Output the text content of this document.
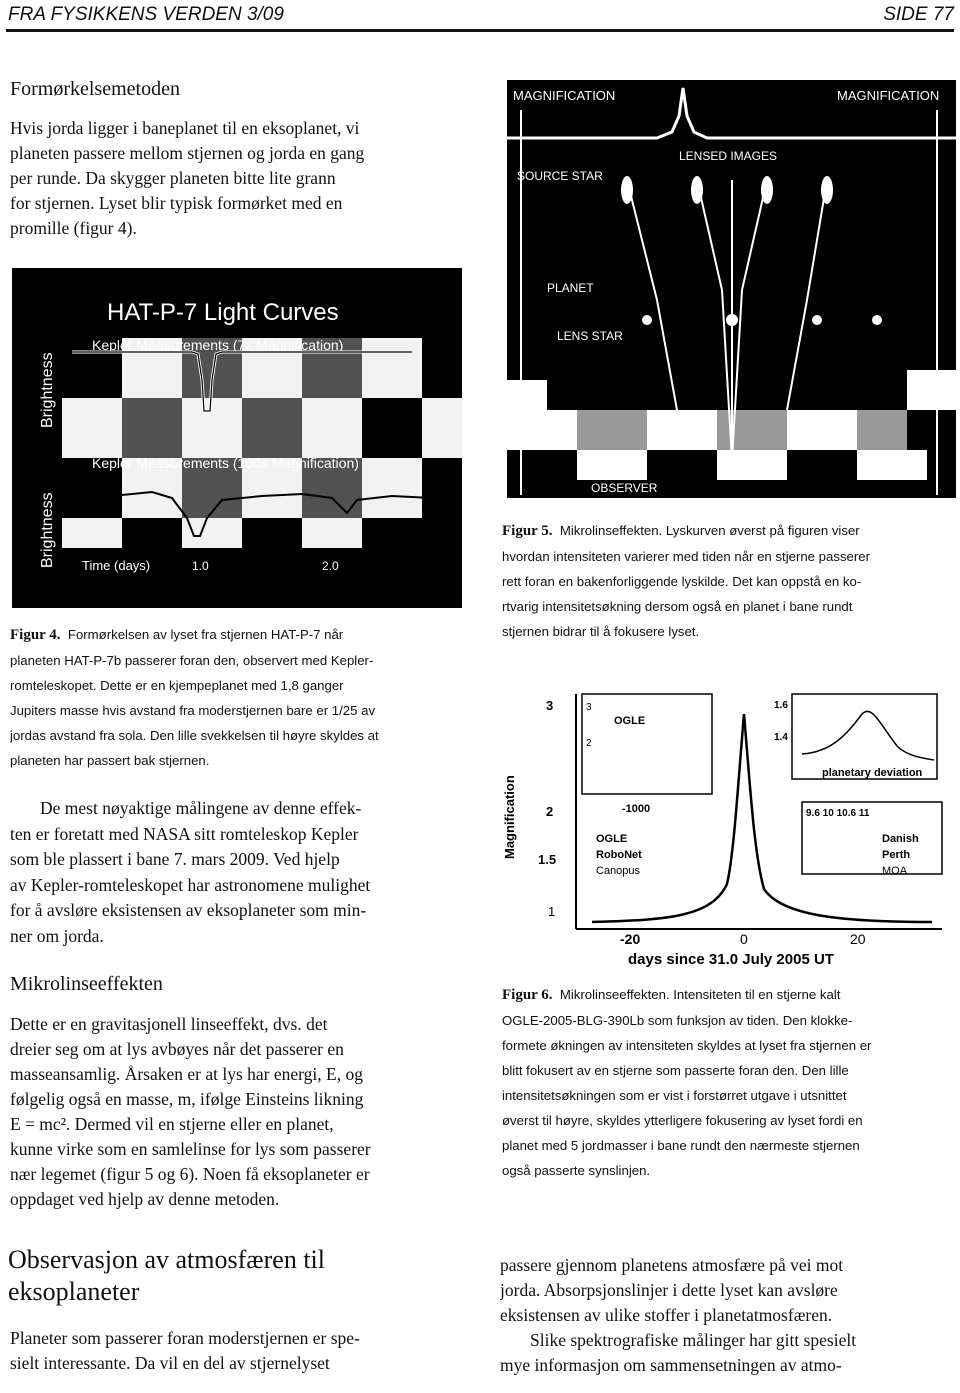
FRA FYSIKKENS VERDEN 3/09	SIDE 77
Formørkelsemetoden
Hvis jorda ligger i baneplanet til en eksoplanet, vi
planeten passere mellom stjernen og jorda en gang
per runde. Da skygger planeten bitte lite grann
for stjernen. Lyset blir typisk formørket med en
promille (figur 4).
HAT-P-7 Light Curves
Kepler Measurements (7x Magnification)
Kepler Measurements (100x Magnification)
Brightness
Brightness Time (days)	1.0	2.0
Figur 4. Formørkelsen av lyset fra stjernen HAT-P-7 når
planeten HAT-P-7b passerer foran den, observert med Kepler-
romteleskopet. Dette er en kjempeplanet med 1,8 ganger
Jupiters masse hvis avstand fra moderstjernen bare er 1/25 av
jordas avstand fra sola. Den lille svekkelsen til høyre skyldes at
planeten har passert bak stjernen.
De mest nøyaktige målingene av denne effek-
ten er foretatt med NASA sitt romteleskop Kepler
som ble plassert i bane 7. mars 2009. Ved hjelp
av Kepler-romteleskopet har astronomene mulighet
for å avsløre eksistensen av eksoplaneter som min-
ner om jorda.
Mikrolinseeffekten
Dette er en gravitasjonell linseeffekt, dvs. det
dreier seg om at lys avbøyes når det passerer en
masseansamlig. Årsaken er at lys har energi, E, og
følgelig også en masse, m, ifølge Einsteins likning
E = mc². Dermed vil en stjerne eller en planet,
kunne virke som en samlelinse for lys som passerer
nær legemet (figur 5 og 6). Noen få eksoplaneter er
oppdaget ved hjelp av denne metoden.
Observasjon av atmosfæren til
eksoplaneter
Planeter som passerer foran moderstjernen er spe-
sielt interessante. Da vil en del av stjernelyset
MAGNIFICATION	MAGNIFICATION
LENSED IMAGES
SOURCE STAR
PLANET
LENS STAR
OBSERVER
Figur 5. Mikrolinseffekten. Lyskurven øverst på figuren viser
hvordan intensiteten varierer med tiden når en stjerne passerer
rett foran en bakenforliggende lyskilde. Det kan oppstå en ko-
rtvarig intensitetsøkning dersom også en planet i bane rundt
stjernen bidrar til å fokusere lyset.
Magnification
3
2
1.5
1
OGLE
3
2
-1000
1.6
1.4
planetary deviation
9.6 10 10.6 11
OGLE
RoboNet
Canopus
Danish
Perth
MOA
-20	0	20
days since 31.0 July 2005 UT
Figur 6. Mikrolinseeffekten. Intensiteten til en stjerne kalt
OGLE-2005-BLG-390Lb som funksjon av tiden. Den klokke-
formete økningen av intensiteten skyldes at lyset fra stjernen er
blitt fokusert av en stjerne som passerte foran den. Den lille
intensitetsøkningen som er vist i forstørret utgave i utsnittet
øverst til høyre, skyldes ytterligere fokusering av lyset fordi en
planet med 5 jordmasser i bane rundt den nærmeste stjernen
også passerte synslinjen.
passere gjennom planetens atmosfære på vei mot
jorda. Absorpsjonslinjer i dette lyset kan avsløre
eksistensen av ulike stoffer i planetatmosfæren.
Slike spektrografiske målinger har gitt spesielt
mye informasjon om sammensetningen av atmo-
